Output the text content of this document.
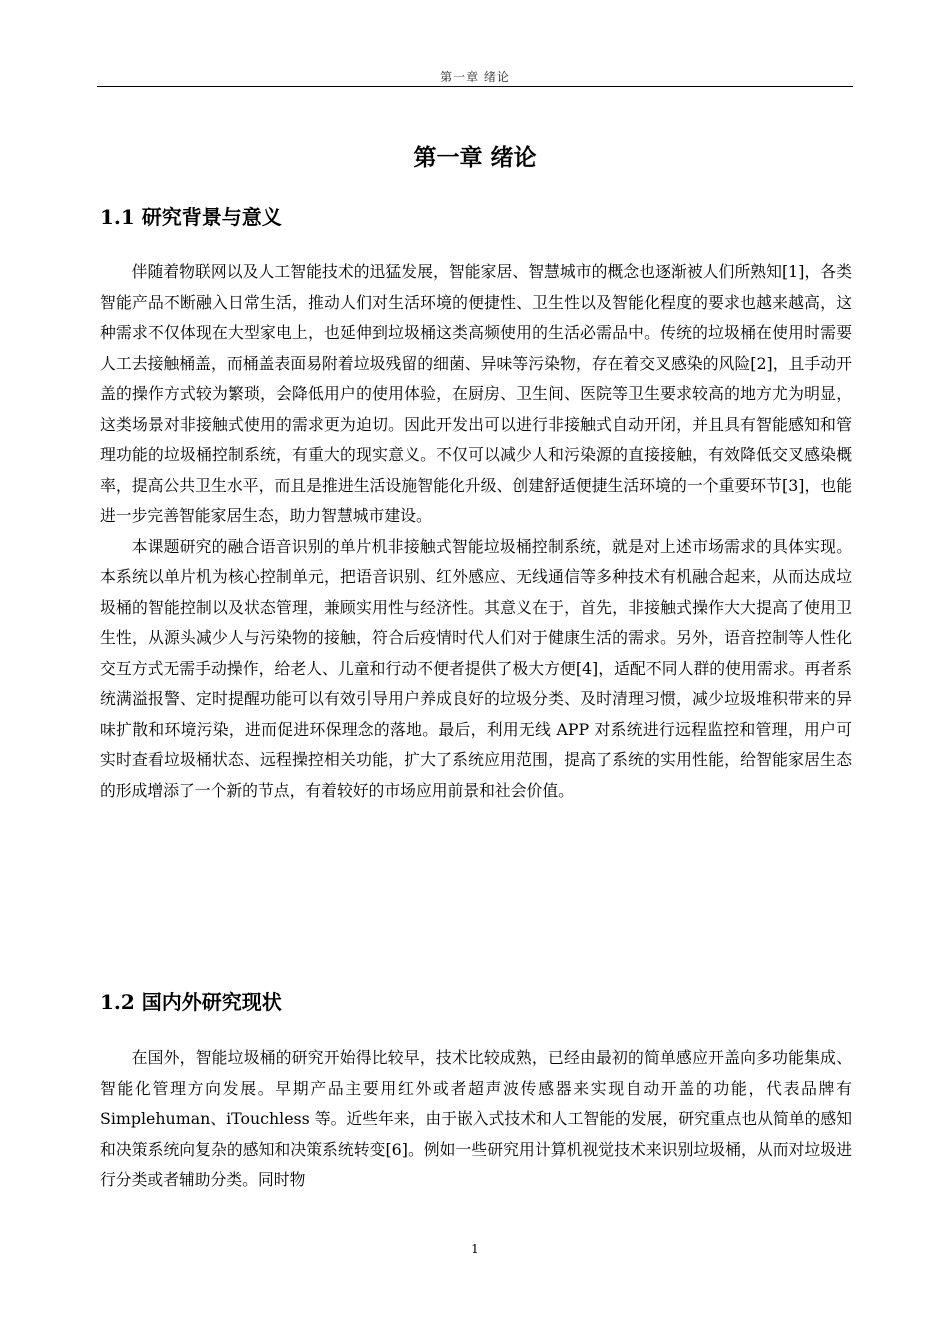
第一章 绪论
第一章 绪论
1.1 研究背景与意义

伴随着物联网以及人工智能技术的迅猛发展，智能家居、智慧城市的概念也逐渐被人们所熟知[1]，各类智能产品不断融入日常生活，推动人们对生活环境的便捷性、卫生性以及智能化程度的要求也越来越高，这种需求不仅体现在大型家电上，也延伸到垃圾桶这类高频使用的生活必需品中。传统的垃圾桶在使用时需要人工去接触桶盖，而桶盖表面易附着垃圾残留的细菌、异味等污染物，存在着交叉感染的风险[2]，且手动开盖的操作方式较为繁琐，会降低用户的使用体验，在厨房、卫生间、医院等卫生要求较高的地方尤为明显，这类场景对非接触式使用的需求更为迫切。因此开发出可以进行非接触式自动开闭，并且具有智能感知和管理功能的垃圾桶控制系统，有重大的现实意义。不仅可以减少人和污染源的直接接触，有效降低交叉感染概率，提高公共卫生水平，而且是推进生活设施智能化升级、创建舒适便捷生活环境的一个重要环节[3]，也能进一步完善智能家居生态，助力智慧城市建设。

本课题研究的融合语音识别的单片机非接触式智能垃圾桶控制系统，就是对上述市场需求的具体实现。本系统以单片机为核心控制单元，把语音识别、红外感应、无线通信等多种技术有机融合起来，从而达成垃圾桶的智能控制以及状态管理，兼顾实用性与经济性。其意义在于，首先，非接触式操作大大提高了使用卫生性，从源头减少人与污染物的接触，符合后疫情时代人们对于健康生活的需求。另外，语音控制等人性化交互方式无需手动操作，给老人、儿童和行动不便者提供了极大方便[4]，适配不同人群的使用需求。再者系统满溢报警、定时提醒功能可以有效引导用户养成良好的垃圾分类、及时清理习惯，减少垃圾堆积带来的异味扩散和环境污染，进而促进环保理念的落地。最后，利用无线 APP 对系统进行远程监控和管理，用户可实时查看垃圾桶状态、远程操控相关功能，扩大了系统应用范围，提高了系统的实用性能，给智能家居生态的形成增添了一个新的节点，有着较好的市场应用前景和社会价值。

1.2 国内外研究现状

在国外，智能垃圾桶的研究开始得比较早，技术比较成熟，已经由最初的简单感应开盖向多功能集成、智能化管理方向发展。早期产品主要用红外或者超声波传感器来实现自动开盖的功能，代表品牌有 Simplehuman、iTouchless 等。近些年来，由于嵌入式技术和人工智能的发展，研究重点也从简单的感知和决策系统向复杂的感知和决策系统转变[6]。例如一些研究用计算机视觉技术来识别垃圾桶，从而对垃圾进行分类或者辅助分类。同时物

1
